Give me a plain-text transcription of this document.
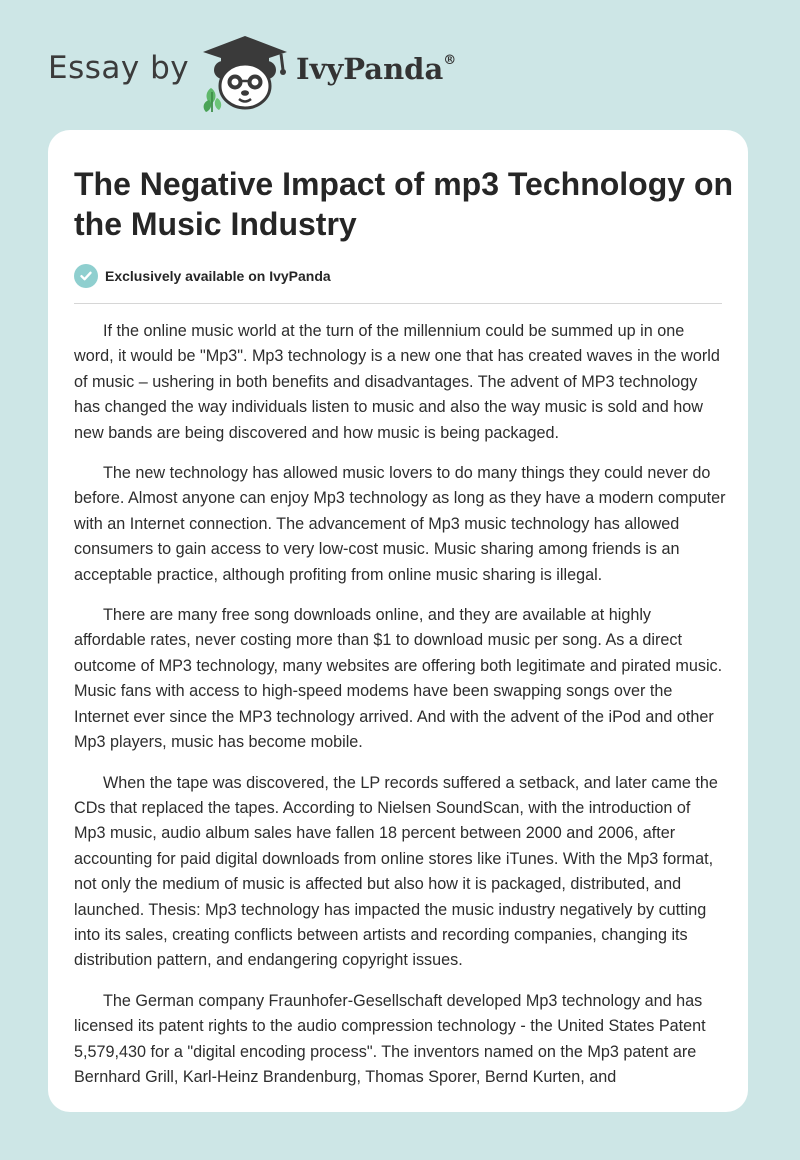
Essay by	IvyPanda®
The Negative Impact of mp3 Technology on the Music Industry
Exclusively available on IvyPanda

If the online music world at the turn of the millennium could be summed up in one word, it would be "Mp3". Mp3 technology is a new one that has created waves in the world of music – ushering in both benefits and disadvantages. The advent of MP3 technology has changed the way individuals listen to music and also the way music is sold and how new bands are being discovered and how music is being packaged.

The new technology has allowed music lovers to do many things they could never do before. Almost anyone can enjoy Mp3 technology as long as they have a modern computer with an Internet connection. The advancement of Mp3 music technology has allowed consumers to gain access to very low-cost music. Music sharing among friends is an acceptable practice, although profiting from online music sharing is illegal.

There are many free song downloads online, and they are available at highly affordable rates, never costing more than $1 to download music per song. As a direct outcome of MP3 technology, many websites are offering both legitimate and pirated music. Music fans with access to high-speed modems have been swapping songs over the Internet ever since the MP3 technology arrived. And with the advent of the iPod and other Mp3 players, music has become mobile.

When the tape was discovered, the LP records suffered a setback, and later came the CDs that replaced the tapes. According to Nielsen SoundScan, with the introduction of Mp3 music, audio album sales have fallen 18 percent between 2000 and 2006, after accounting for paid digital downloads from online stores like iTunes. With the Mp3 format, not only the medium of music is affected but also how it is packaged, distributed, and launched. Thesis: Mp3 technology has impacted the music industry negatively by cutting into its sales, creating conflicts between artists and recording companies, changing its distribution pattern, and endangering copyright issues.

The German company Fraunhofer-Gesellschaft developed Mp3 technology and has licensed its patent rights to the audio compression technology - the United States Patent 5,579,430 for a "digital encoding process". The inventors named on the Mp3 patent are Bernhard Grill, Karl-Heinz Brandenburg, Thomas Sporer, Bernd Kurten, and
